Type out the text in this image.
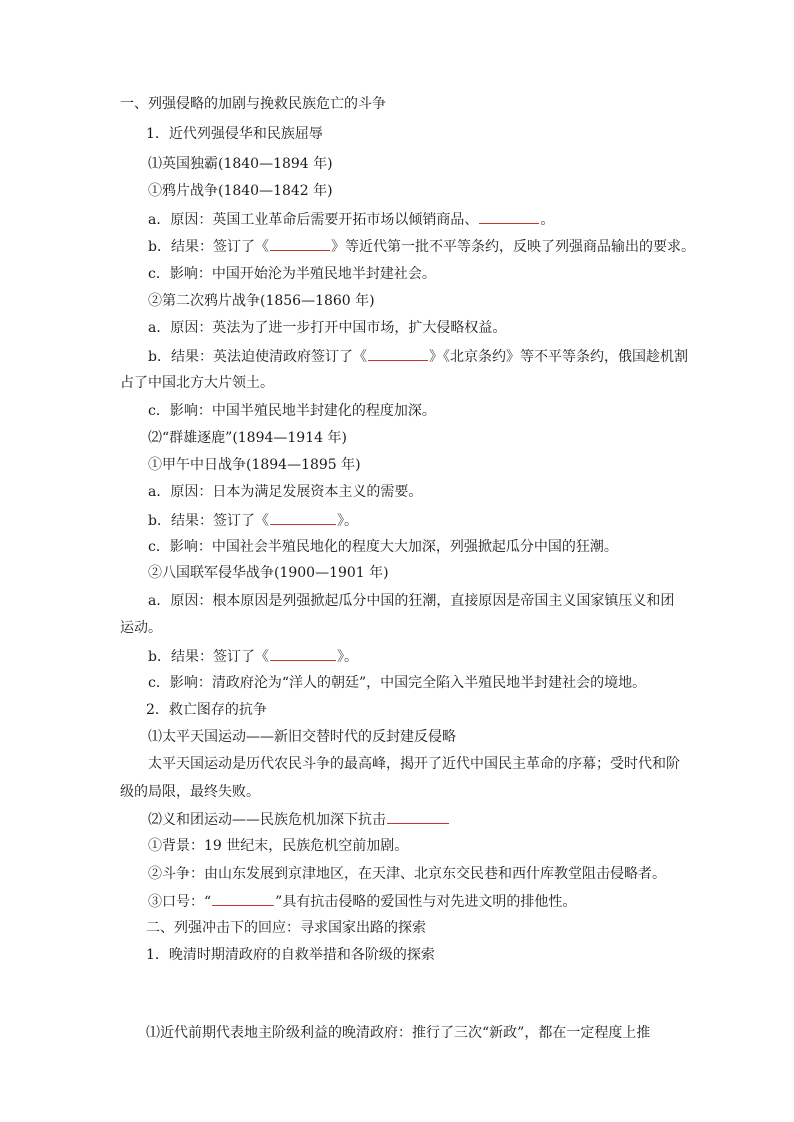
一、列强侵略的加剧与挽救民族危亡的斗争
1．近代列强侵华和民族屈辱
⑴英国独霸(1840—1894 年)
①鸦片战争(1840—1842 年)
a．原因：英国工业革命后需要开拓市场以倾销商品、	。
b．结果：签订了《	》等近代第一批不平等条约，反映了列强商品输出的要求。
c．影响：中国开始沦为半殖民地半封建社会。
②第二次鸦片战争(1856—1860 年)
a．原因：英法为了进一步打开中国市场，扩大侵略权益。
b．结果：英法迫使清政府签订了《	》《北京条约》等不平等条约，俄国趁机割
占了中国北方大片领土。
c．影响：中国半殖民地半封建化的程度加深。
⑵“群雄逐鹿”(1894—1914 年)
①甲午中日战争(1894—1895 年)
a．原因：日本为满足发展资本主义的需要。
b．结果：签订了《	》。
c．影响：中国社会半殖民地化的程度大大加深，列强掀起瓜分中国的狂潮。
②八国联军侵华战争(1900—1901 年)
a．原因：根本原因是列强掀起瓜分中国的狂潮，直接原因是帝国主义国家镇压义和团
运动。
b．结果：签订了《	》。
c．影响：清政府沦为“洋人的朝廷”，中国完全陷入半殖民地半封建社会的境地。
2．救亡图存的抗争
⑴太平天国运动——新旧交替时代的反封建反侵略
太平天国运动是历代农民斗争的最高峰，揭开了近代中国民主革命的序幕；受时代和阶
级的局限，最终失败。
⑵义和团运动——民族危机加深下抗击
①背景：19 世纪末，民族危机空前加剧。
②斗争：由山东发展到京津地区，在天津、北京东交民巷和西什库教堂阻击侵略者。
③口号：“	”具有抗击侵略的爱国性与对先进文明的排他性。
二、列强冲击下的回应：寻求国家出路的探索
1．晚清时期清政府的自救举措和各阶级的探索
⑴近代前期代表地主阶级利益的晚清政府：推行了三次“新政”，都在一定程度上推
